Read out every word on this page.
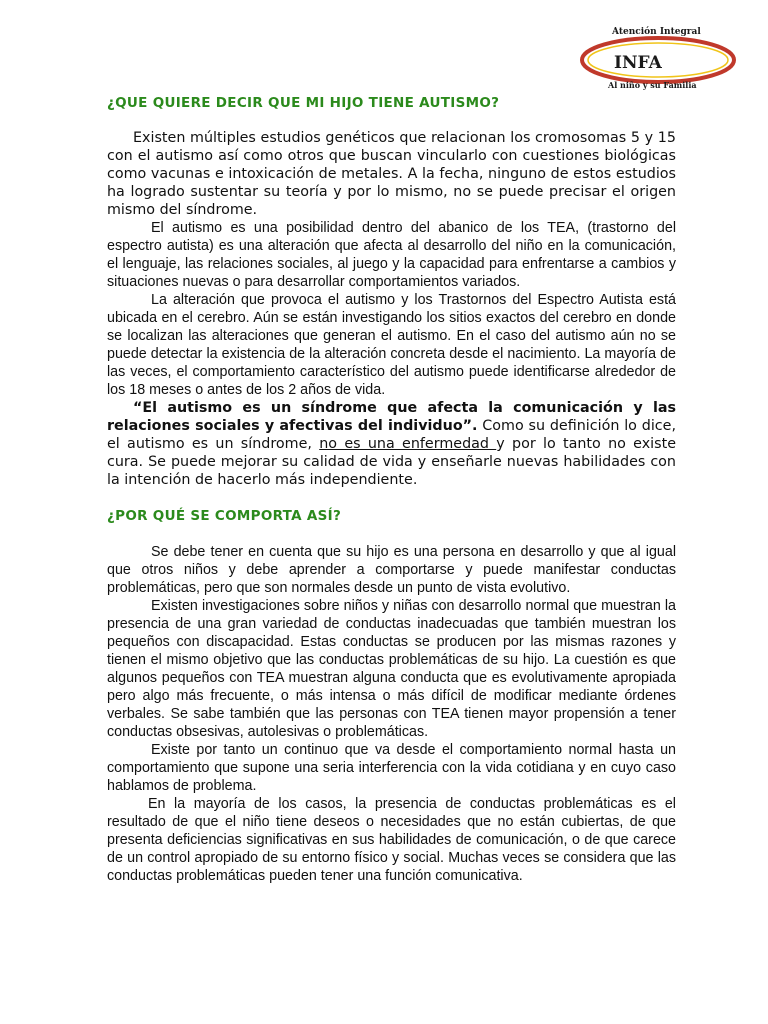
Atención Integral
INFA
Al niño y su Familia
¿QUE QUIERE DECIR QUE MI HIJO TIENE AUTISMO?

Existen múltiples estudios genéticos que relacionan los cromosomas 5 y 15 con el autismo así como otros que buscan vincularlo con cuestiones biológicas como vacunas e intoxicación de metales. A la fecha, ninguno de estos estudios ha logrado sustentar su teoría y por lo mismo, no se puede precisar el origen mismo del síndrome.

El autismo es una posibilidad dentro del abanico de los TEA, (trastorno del espectro autista) es una alteración que afecta al desarrollo del niño en la comunicación, el lenguaje, las relaciones sociales, al juego y la capacidad para enfrentarse a cambios y situaciones nuevas o para desarrollar comportamientos variados.

La alteración que provoca el autismo y los Trastornos del Espectro Autista está ubicada en el cerebro. Aún se están investigando los sitios exactos del cerebro en donde se localizan las alteraciones que generan el autismo. En el caso del autismo aún no se puede detectar la existencia de la alteración concreta desde el nacimiento. La mayoría de las veces, el comportamiento característico del autismo puede identificarse alrededor de los 18 meses o antes de los 2 años de vida.

“El autismo es un síndrome que afecta la comunicación y las relaciones sociales y afectivas del individuo”. Como su definición lo dice, el autismo es un síndrome, no es una enfermedad y por lo tanto no existe cura. Se puede mejorar su calidad de vida y enseñarle nuevas habilidades con la intención de hacerlo más independiente.

¿POR QUÉ SE COMPORTA ASÍ?

Se debe tener en cuenta que su hijo es una persona en desarrollo y que al igual que otros niños y debe aprender a comportarse y puede manifestar conductas problemáticas, pero que son normales desde un punto de vista evolutivo.

Existen investigaciones sobre niños y niñas con desarrollo normal que muestran la presencia de una gran variedad de conductas inadecuadas que también muestran los pequeños con discapacidad. Estas conductas se producen por las mismas razones y tienen el mismo objetivo que las conductas problemáticas de su hijo. La cuestión es que algunos pequeños con TEA muestran alguna conducta que es evolutivamente apropiada pero algo más frecuente, o más intensa o más difícil de modificar mediante órdenes verbales. Se sabe también que las personas con TEA tienen mayor propensión a tener conductas obsesivas, autolesivas o problemáticas.

Existe por tanto un continuo que va desde el comportamiento normal hasta un comportamiento que supone una seria interferencia con la vida cotidiana y en cuyo caso hablamos de problema.

En la mayoría de los casos, la presencia de conductas problemáticas es el resultado de que el niño tiene deseos o necesidades que no están cubiertas, de que presenta deficiencias significativas en sus habilidades de comunicación, o de que carece de un control apropiado de su entorno físico y social. Muchas veces se considera que las conductas problemáticas pueden tener una función comunicativa.
